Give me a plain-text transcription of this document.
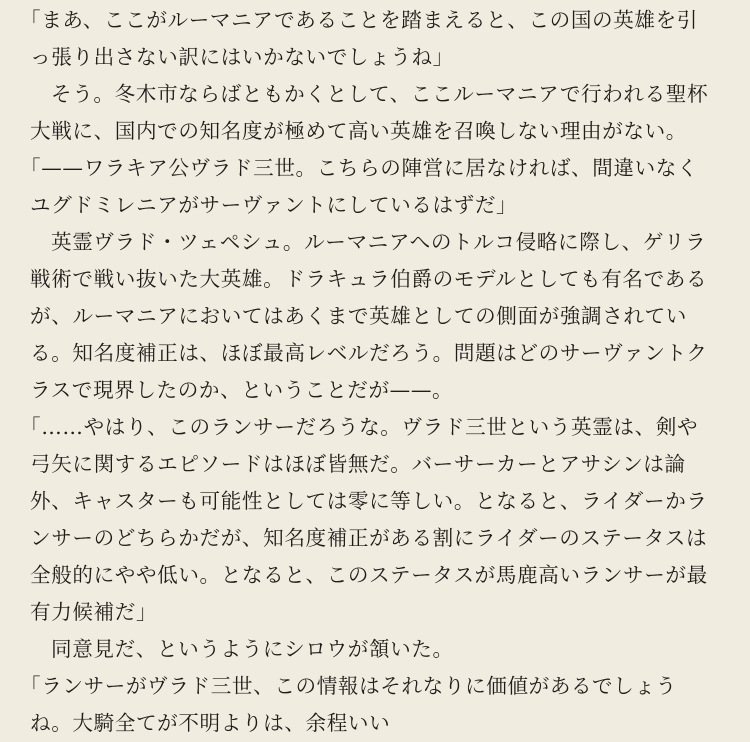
「まあ、ここがルーマニアであることを踏まえると、この国の英雄を引
っ張り出さない訳にはいかないでしょうね」
そう。冬木市ならばともかくとして、ここルーマニアで行われる聖杯
大戦に、国内での知名度が極めて高い英雄を召喚しない理由がない。
「——ワラキア公ヴラド三世。こちらの陣営に居なければ、間違いなく
ユグドミレニアがサーヴァントにしているはずだ」
英霊ヴラド・ツェペシュ。ルーマニアへのトルコ侵略に際し、ゲリラ
戦術で戦い抜いた大英雄。ドラキュラ伯爵のモデルとしても有名である
が、ルーマニアにおいてはあくまで英雄としての側面が強調されてい
る。知名度補正は、ほぼ最高レベルだろう。問題はどのサーヴァントク
ラスで現界したのか、ということだが——。
「……やはり、このランサーだろうな。ヴラド三世という英霊は、剣や
弓矢に関するエピソードはほぼ皆無だ。バーサーカーとアサシンは論
外、キャスターも可能性としては零に等しい。となると、ライダーかラ
ンサーのどちらかだが、知名度補正がある割にライダーのステータスは
全般的にやや低い。となると、このステータスが馬鹿高いランサーが最
有力候補だ」
同意見だ、というようにシロウが頷いた。
「ランサーがヴラド三世、この情報はそれなりに価値があるでしょう
ね。大騎全てが不明よりは、余程いい
